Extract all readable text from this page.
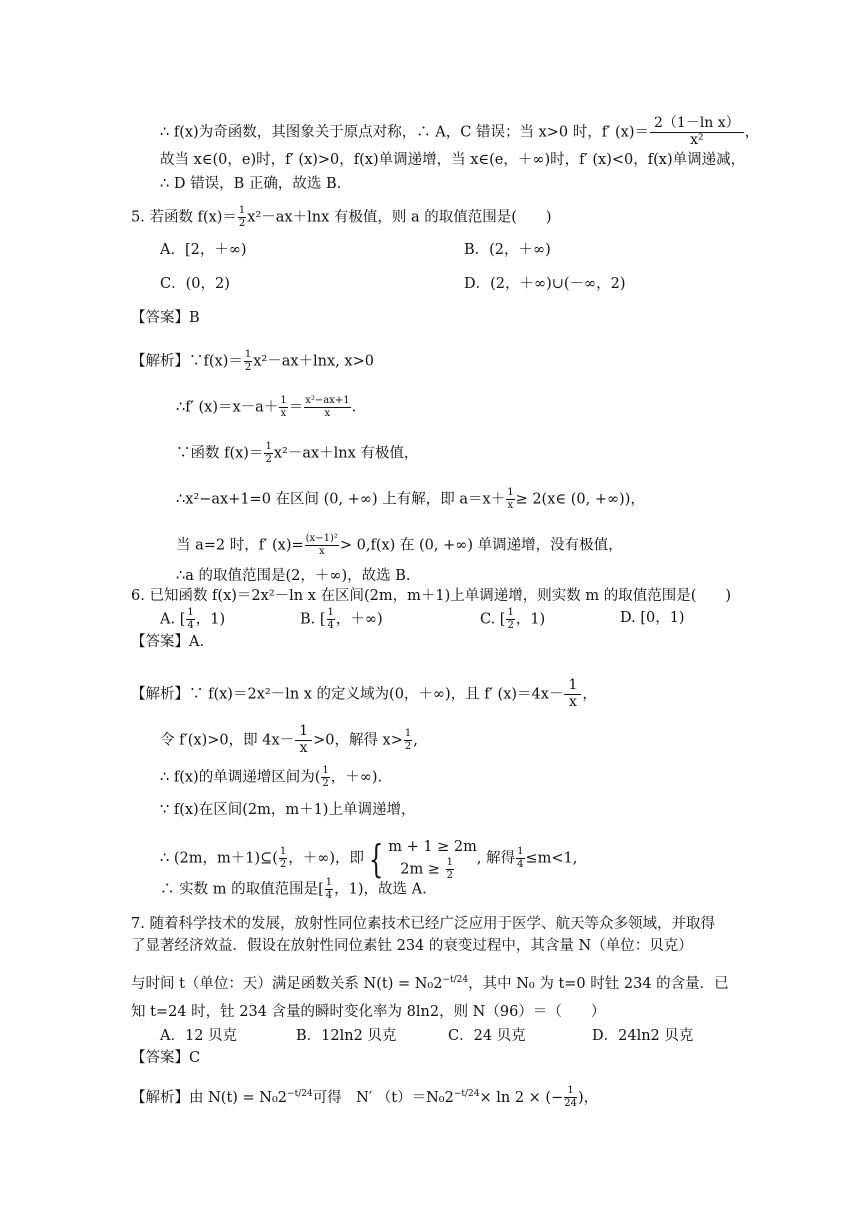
∴ f(x)为奇函数，其图象关于原点对称，∴ A，C 错误；当 x>0 时，f′ $(x)= \frac{\text{2（1－ln x）}}{\text{x²}}$ ，
故当 x∈(0，e)时，f′ (x)>0，f(x)单调递增，当 x∈(e，＋∞)时，f′ (x)<0，f(x)单调递减，
∴ D 错误，B 正确，故选 B.
5. 若函数 $f(x)= \frac{1}{2} x^2-ax+\ln x$ 有极值，则 a 的取值范围是(　　)
A．[2，＋∞)	B．(2，＋∞)
C．(0，2)	D．(2，＋∞)∪(－∞，2)
【答案】B
【解析】∵f(x)＝ $\frac{1}{2} x^2-ax+\ln x$, x>0
∴f′ $(x)=x-a+ \frac{1}{x} = \frac{\text{x²−ax+1}}{x}$ .
∵函数 $f(x)= \frac{1}{2} x^2-ax+\ln x$ 有极值，
∴x²−ax+1=0 在区间 (0, +∞) 上有解，即 $a=x+ \frac{1}{x}$ ≥ 2(x∈ (0, +∞))，
当 a=2 时，f′ $(x)= \frac{\text{(x−1)²}}{x} > 0,f(x)$ 在 (0, +∞) 单调递增，没有极值，
∴a 的取值范围是(2，＋∞)，故选 B.
6. 已知函数 f(x)＝2x²－ln x 在区间(2m，m＋1)上单调递增，则实数 m 的取值范围是(　　)
A. [ $\frac{1}{4}$ ，1)	B. [ $\frac{1}{4}$ ，＋∞)	C. [ $\frac{1}{2}$ ，1)	D. [0，1)
【答案】A.
【解析】∵ f(x)＝2x²－ln x 的定义域为(0，＋∞)，且 f′ $(x)=4x- \frac{1}{x}$ ，
令 f′(x)>0，即 $4x- \frac{1}{x} >0$，解得 $x> \frac{1}{2}$ ,
∴ f(x)的单调递增区间为( $\frac{1}{2}$ ，＋∞).
∵ f(x)在区间(2m，m＋1)上单调递增，
∴ (2m，m＋1)⊆( $\frac{1}{2}$ ，＋∞)，即 { m + 1 ≥ 2m
$2m \ge \frac{1}{2}$ , 解得 $\frac{1}{4} \le m<1$,
∴ 实数 m 的取值范围是[ $\frac{1}{4}$ ，1)，故选 A.
7. 随着科学技术的发展，放射性同位素技术已经广泛应用于医学、航天等众多领域，并取得
了显著经济效益．假设在放射性同位素钍 234 的衰变过程中，其含量 N（单位：贝克）
与时间 t（单位：天）满足函数关系 $N(t) = N_02^{-t/24}$，其中 N₀ 为 t=0 时钍 234 的含量．已
知 t=24 时，钍 234 含量的瞬时变化率为 8ln2，则 N（96）＝（　　）
A．12 贝克	B．12ln2 贝克	C．24 贝克	D．24ln2 贝克
【答案】C
【解析】由 $N(t) = N_02^{-t/24}$可得　N′ $(t)=N_02^{-t/24}\times \ln 2$ × (− $\frac{1}{24}$ )，
